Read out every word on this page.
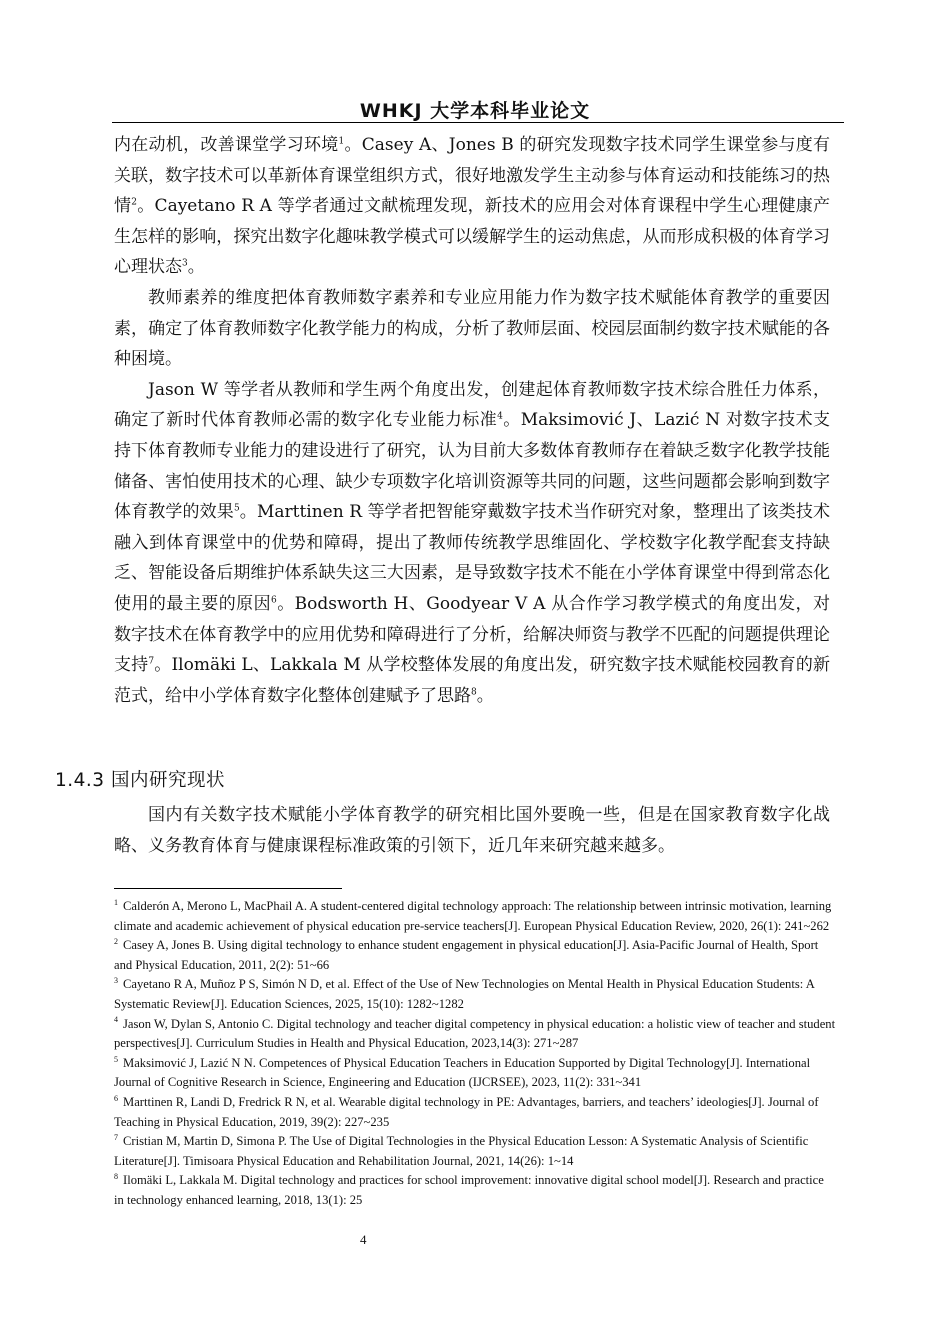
WHKJ 大学本科毕业论文

内在动机，改善课堂学习环境$^1$。Casey A、Jones B 的研究发现数字技术同学生课堂参与度有关联，数字技术可以革新体育课堂组织方式，很好地激发学生主动参与体育运动和技能练习的热情$^2$。Cayetano R A 等学者通过文献梳理发现，新技术的应用会对体育课程中学生心理健康产生怎样的影响，探究出数字化趣味教学模式可以缓解学生的运动焦虑，从而形成积极的体育学习心理状态$^3$。

教师素养的维度把体育教师数字素养和专业应用能力作为数字技术赋能体育教学的重要因素，确定了体育教师数字化教学能力的构成，分析了教师层面、校园层面制约数字技术赋能的各种困境。

Jason W 等学者从教师和学生两个角度出发，创建起体育教师数字技术综合胜任力体系，确定了新时代体育教师必需的数字化专业能力标准$^4$。Maksimović J、Lazić N 对数字技术支持下体育教师专业能力的建设进行了研究，认为目前大多数体育教师存在着缺乏数字化教学技能储备、害怕使用技术的心理、缺少专项数字化培训资源等共同的问题，这些问题都会影响到数字体育教学的效果$^5$。Marttinen R 等学者把智能穿戴数字技术当作研究对象，整理出了该类技术融入到体育课堂中的优势和障碍，提出了教师传统教学思维固化、学校数字化教学配套支持缺乏、智能设备后期维护体系缺失这三大因素，是导致数字技术不能在小学体育课堂中得到常态化使用的最主要的原因$^6$。Bodsworth H、Goodyear V A 从合作学习教学模式的角度出发，对数字技术在体育教学中的应用优势和障碍进行了分析，给解决师资与教学不匹配的问题提供理论支持$^7$。Ilomäki L、Lakkala M 从学校整体发展的角度出发，研究数字技术赋能校园教育的新范式，给中小学体育数字化整体创建赋予了思路$^8$。

1.4.3 国内研究现状

国内有关数字技术赋能小学体育教学的研究相比国外要晚一些，但是在国家教育数字化战略、义务教育体育与健康课程标准政策的引领下，近几年来研究越来越多。

$^1$ Calderón A, Merono L, MacPhail A. A student-centered digital technology approach: The relationship between intrinsic motivation, learning climate and academic achievement of physical education pre-service teachers[J]. European Physical Education Review, 2020, 26(1): 241~262

$^2$ Casey A, Jones B. Using digital technology to enhance student engagement in physical education[J]. Asia-Pacific Journal of Health, Sport and Physical Education, 2011, 2(2): 51~66

$^3$ Cayetano R A, Muñoz P S, Simón N D, et al. Effect of the Use of New Technologies on Mental Health in Physical Education Students: A Systematic Review[J]. Education Sciences, 2025, 15(10): 1282~1282

$^4$ Jason W, Dylan S, Antonio C. Digital technology and teacher digital competency in physical education: a holistic view of teacher and student perspectives[J]. Curriculum Studies in Health and Physical Education, 2023,14(3): 271~287

$^5$ Maksimović J, Lazić N N. Competences of Physical Education Teachers in Education Supported by Digital Technology[J]. International Journal of Cognitive Research in Science, Engineering and Education (IJCRSEE), 2023, 11(2): 331~341

$^6$ Marttinen R, Landi D, Fredrick R N, et al. Wearable digital technology in PE: Advantages, barriers, and teachers’ ideologies[J]. Journal of Teaching in Physical Education, 2019, 39(2): 227~235

$^7$ Cristian M, Martin D, Simona P. The Use of Digital Technologies in the Physical Education Lesson: A Systematic Analysis of Scientific Literature[J]. Timisoara Physical Education and Rehabilitation Journal, 2021, 14(26): 1~14

$^8$ Ilomäki L, Lakkala M. Digital technology and practices for school improvement: innovative digital school model[J]. Research and practice in technology enhanced learning, 2018, 13(1): 25

4
